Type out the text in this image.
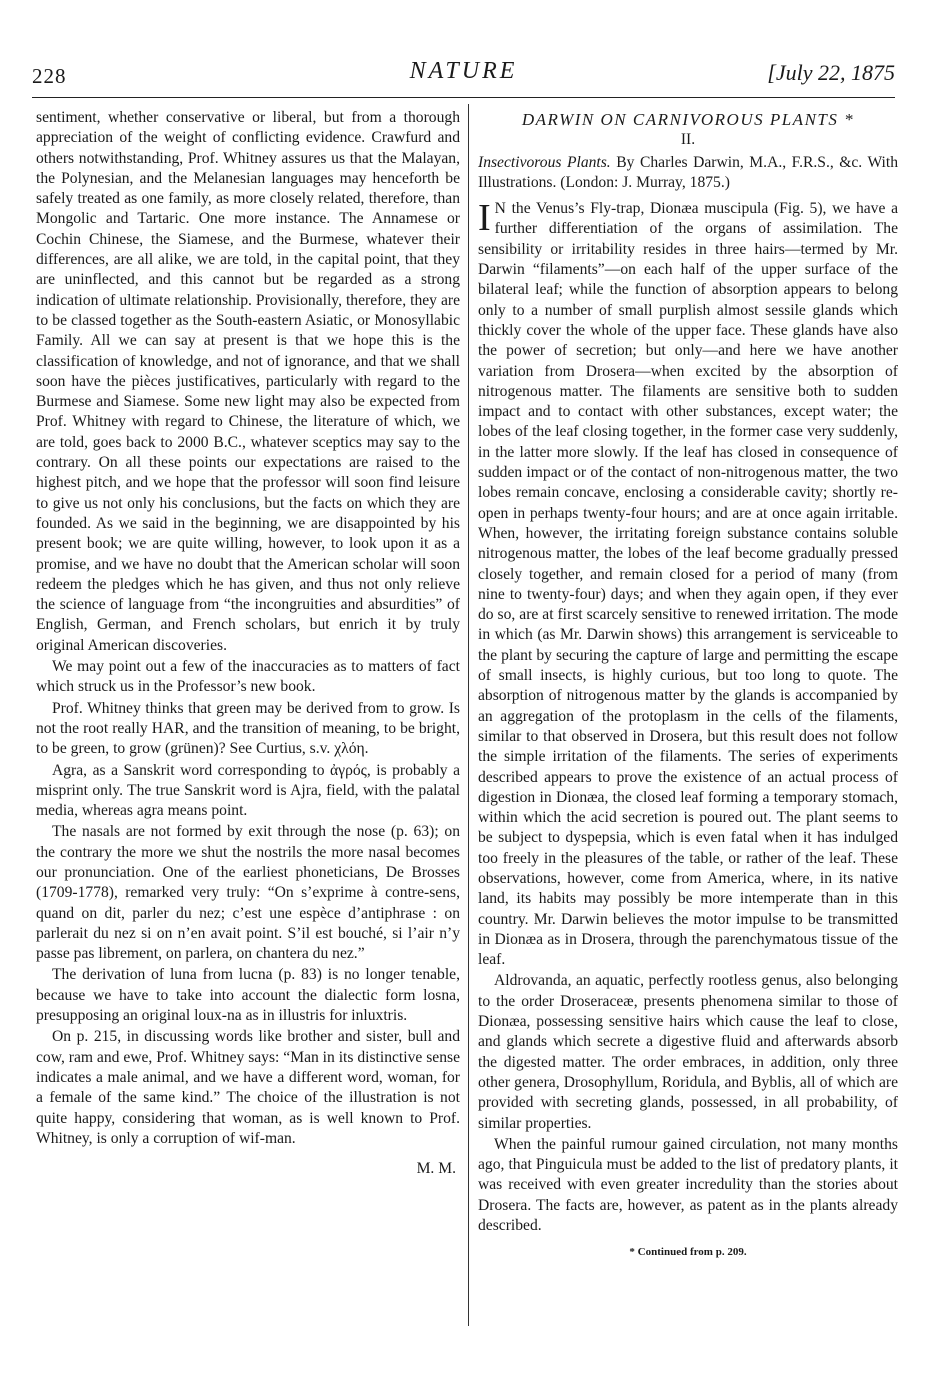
228	NATURE	[July 22, 1875

sentiment, whether conservative or liberal, but from a thorough appreciation of the weight of conflicting evidence. Crawfurd and others notwithstanding, Prof. Whitney assures us that the Malayan, the Polynesian, and the Melanesian languages may henceforth be safely treated as one family, as more closely related, therefore, than Mongolic and Tartaric. One more instance. The Annamese or Cochin Chinese, the Siamese, and the Burmese, whatever their differences, are all alike, we are told, in the capital point, that they are uninflected, and this cannot but be regarded as a strong indication of ultimate relationship. Provisionally, therefore, they are to be classed together as the South-eastern Asiatic, or Monosyllabic Family. All we can say at present is that we hope this is the classification of knowledge, and not of ignorance, and that we shall soon have the pièces justificatives, particularly with regard to the Burmese and Siamese. Some new light may also be expected from Prof. Whitney with regard to Chinese, the literature of which, we are told, goes back to 2000 B.C., whatever sceptics may say to the contrary. On all these points our expectations are raised to the highest pitch, and we hope that the professor will soon find leisure to give us not only his conclusions, but the facts on which they are founded. As we said in the beginning, we are disappointed by his present book; we are quite willing, however, to look upon it as a promise, and we have no doubt that the American scholar will soon redeem the pledges which he has given, and thus not only relieve the science of language from “the incongruities and absurdities” of English, German, and French scholars, but enrich it by truly original American discoveries.

We may point out a few of the inaccuracies as to matters of fact which struck us in the Professor’s new book.

Prof. Whitney thinks that green may be derived from to grow. Is not the root really HAR, and the transition of meaning, to be bright, to be green, to grow (grünen)? See Curtius, s.v. χλόη.

Agra, as a Sanskrit word corresponding to ἀγρός, is probably a misprint only. The true Sanskrit word is Ajra, field, with the palatal media, whereas agra means point.

The nasals are not formed by exit through the nose (p. 63); on the contrary the more we shut the nostrils the more nasal becomes our pronunciation. One of the earliest phoneticians, De Brosses (1709-1778), remarked very truly: “On s’exprime à contre-sens, quand on dit, parler du nez; c’est une espèce d’antiphrase : on parlerait du nez si on n’en avait point. S’il est bouché, si l’air n’y passe pas librement, on parlera, on chantera du nez.”

The derivation of luna from lucna (p. 83) is no longer tenable, because we have to take into account the dialectic form losna, presupposing an original loux-na as in illustris for inluxtris.

On p. 215, in discussing words like brother and sister, bull and cow, ram and ewe, Prof. Whitney says: “Man in its distinctive sense indicates a male animal, and we have a different word, woman, for a female of the same kind.” The choice of the illustration is not quite happy, considering that woman, as is well known to Prof. Whitney, is only a corruption of wif-man.

M. M.

DARWIN ON CARNIVOROUS PLANTS *

II.

Insectivorous Plants. By Charles Darwin, M.A., F.R.S., &c. With Illustrations. (London: J. Murray, 1875.)

I N the Venus’s Fly-trap, Dionæa muscipula (Fig. 5), we have a further differentiation of the organs of assimilation. The sensibility or irritability resides in three hairs—termed by Mr. Darwin “filaments”—on each half of the upper surface of the bilateral leaf; while the function of absorption appears to belong only to a number of small purplish almost sessile glands which thickly cover the whole of the upper face. These glands have also the power of secretion; but only—and here we have another variation from Drosera—when excited by the absorption of nitrogenous matter. The filaments are sensitive both to sudden impact and to contact with other substances, except water; the lobes of the leaf closing together, in the former case very suddenly, in the latter more slowly. If the leaf has closed in consequence of sudden impact or of the contact of non-nitrogenous matter, the two lobes remain concave, enclosing a considerable cavity; shortly re-open in perhaps twenty-four hours; and are at once again irritable. When, however, the irritating foreign substance contains soluble nitrogenous matter, the lobes of the leaf become gradually pressed closely together, and remain closed for a period of many (from nine to twenty-four) days; and when they again open, if they ever do so, are at first scarcely sensitive to renewed irritation. The mode in which (as Mr. Darwin shows) this arrangement is serviceable to the plant by securing the capture of large and permitting the escape of small insects, is highly curious, but too long to quote. The absorption of nitrogenous matter by the glands is accompanied by an aggregation of the protoplasm in the cells of the filaments, similar to that observed in Drosera, but this result does not follow the simple irritation of the filaments. The series of experiments described appears to prove the existence of an actual process of digestion in Dionæa, the closed leaf forming a temporary stomach, within which the acid secretion is poured out. The plant seems to be subject to dyspepsia, which is even fatal when it has indulged too freely in the pleasures of the table, or rather of the leaf. These observations, however, come from America, where, in its native land, its habits may possibly be more intemperate than in this country. Mr. Darwin believes the motor impulse to be transmitted in Dionæa as in Drosera, through the parenchymatous tissue of the leaf.

Aldrovanda, an aquatic, perfectly rootless genus, also belonging to the order Droseraceæ, presents phenomena similar to those of Dionæa, possessing sensitive hairs which cause the leaf to close, and glands which secrete a digestive fluid and afterwards absorb the digested matter. The order embraces, in addition, only three other genera, Drosophyllum, Roridula, and Byblis, all of which are provided with secreting glands, possessed, in all probability, of similar properties.

When the painful rumour gained circulation, not many months ago, that Pinguicula must be added to the list of predatory plants, it was received with even greater incredulity than the stories about Drosera. The facts are, however, as patent as in the plants already described.

* Continued from p. 209.
